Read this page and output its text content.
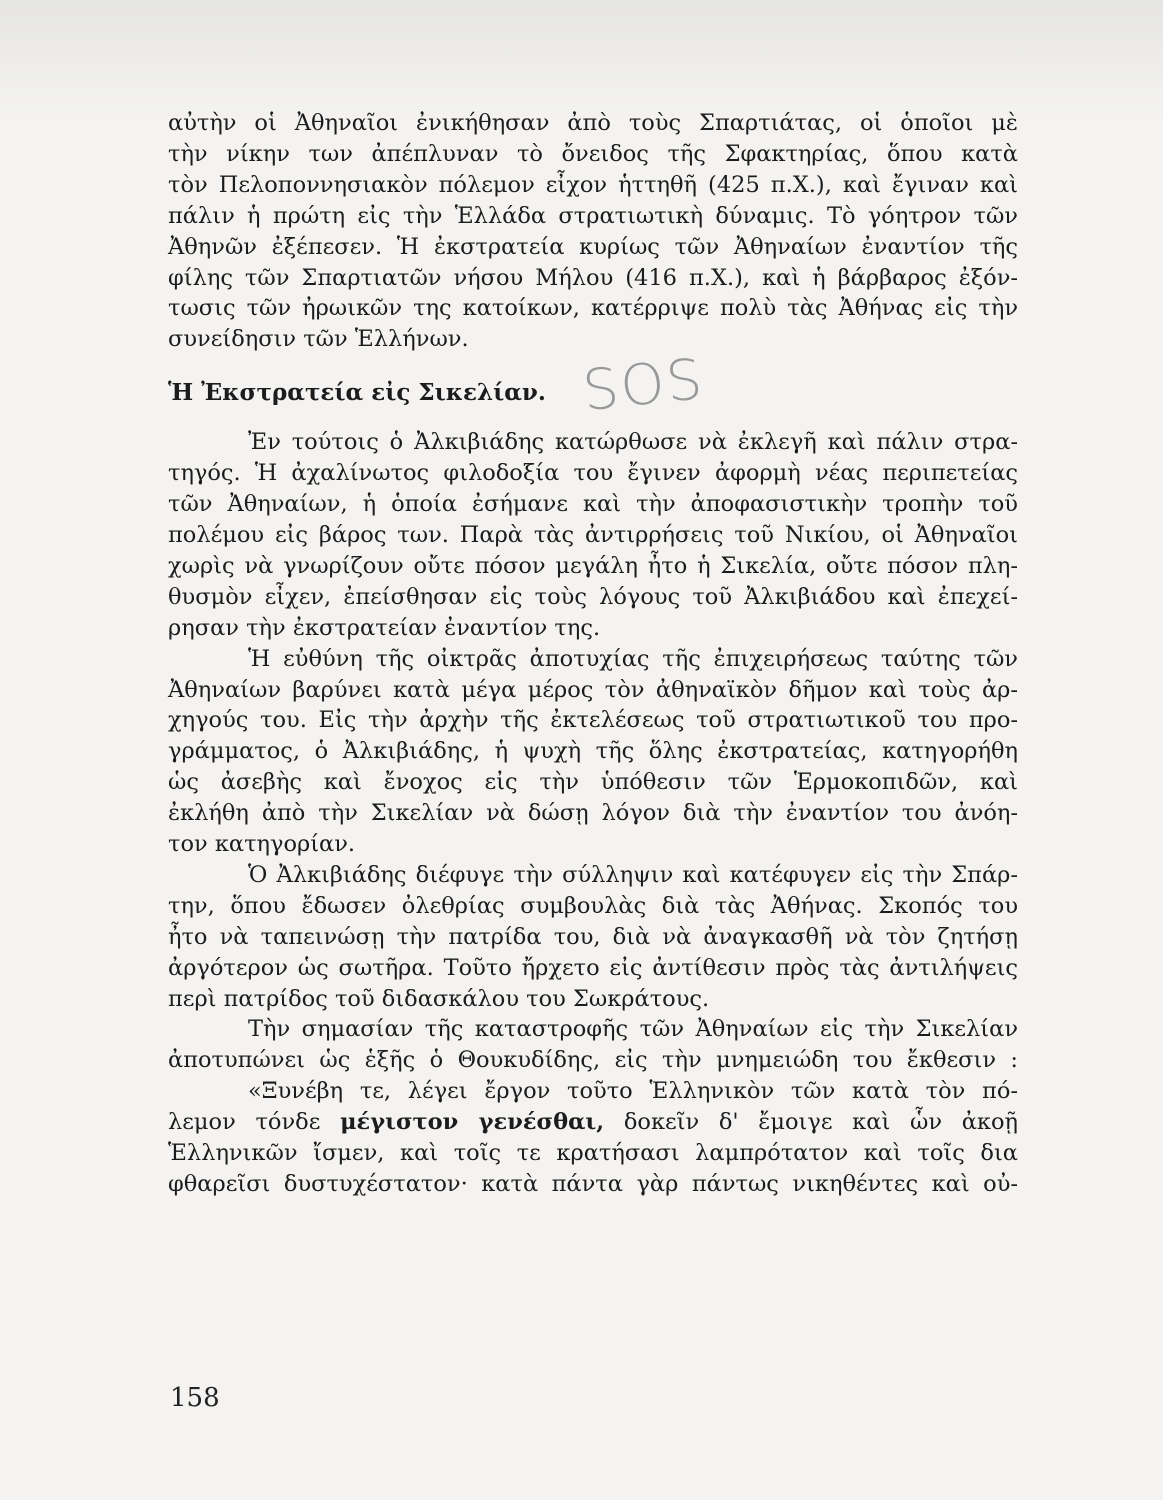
αὐτὴν οἱ Ἀθηναῖοι ἐνικήθησαν ἀπὸ τοὺς Σπαρτιάτας, οἱ ὁποῖοι μὲ
τὴν νίκην των ἀπέπλυναν τὸ ὄνειδος τῆς Σφακτηρίας, ὅπου κατὰ
τὸν Πελοποννησιακὸν πόλεμον εἶχον ἡττηθῆ (425 π.Χ.), καὶ ἔγιναν καὶ
πάλιν ἡ πρώτη εἰς τὴν Ἑλλάδα στρατιωτικὴ δύναμις. Τὸ γόητρον τῶν
Ἀθηνῶν ἐξέπεσεν. Ἡ ἐκστρατεία κυρίως τῶν Ἀθηναίων ἐναντίον τῆς
φίλης τῶν Σπαρτιατῶν νήσου Μήλου (416 π.Χ.), καὶ ἡ βάρβαρος ἐξόν-
τωσις τῶν ἠρωικῶν της κατοίκων, κατέρριψε πολὺ τὰς Ἀθήνας εἰς τὴν
συνείδησιν τῶν Ἑλλήνων.
Ἡ Ἐκστρατεία εἰς Σικελίαν. SOS
Ἐν τούτοις ὁ Ἀλκιβιάδης κατώρθωσε νὰ ἐκλεγῆ καὶ πάλιν στρα-
τηγός. Ἡ ἀχαλίνωτος φιλοδοξία του ἔγινεν ἀφορμὴ νέας περιπετείας
τῶν Ἀθηναίων, ἡ ὁποία ἐσήμανε καὶ τὴν ἀποφασιστικὴν τροπὴν τοῦ
πολέμου εἰς βάρος των. Παρὰ τὰς ἀντιρρήσεις τοῦ Νικίου, οἱ Ἀθηναῖοι
χωρὶς νὰ γνωρίζουν οὔτε πόσον μεγάλη ἦτο ἡ Σικελία, οὔτε πόσον πλη-
θυσμὸν εἶχεν, ἐπείσθησαν εἰς τοὺς λόγους τοῦ Ἀλκιβιάδου καὶ ἐπεχεί-
ρησαν τὴν ἐκστρατείαν ἐναντίον της.
Ἡ εὐθύνη τῆς οἰκτρᾶς ἀποτυχίας τῆς ἐπιχειρήσεως ταύτης τῶν
Ἀθηναίων βαρύνει κατὰ μέγα μέρος τὸν ἀθηναϊκὸν δῆμον καὶ τοὺς ἀρ-
χηγούς του. Εἰς τὴν ἀρχὴν τῆς ἐκτελέσεως τοῦ στρατιωτικοῦ του προ-
γράμματος, ὁ Ἀλκιβιάδης, ἡ ψυχὴ τῆς ὅλης ἐκστρατείας, κατηγορήθη
ὡς ἀσεβὴς καὶ ἔνοχος εἰς τὴν ὑπόθεσιν τῶν Ἑρμοκοπιδῶν, καὶ
ἐκλήθη ἀπὸ τὴν Σικελίαν νὰ δώσῃ λόγον διὰ τὴν ἐναντίον του ἀνόη-
τον κατηγορίαν.
Ὁ Ἀλκιβιάδης διέφυγε τὴν σύλληψιν καὶ κατέφυγεν εἰς τὴν Σπάρ-
την, ὅπου ἔδωσεν ὀλεθρίας συμβουλὰς διὰ τὰς Ἀθήνας. Σκοπός του
ἦτο νὰ ταπεινώσῃ τὴν πατρίδα του, διὰ νὰ ἀναγκασθῆ νὰ τὸν ζητήσῃ
ἀργότερον ὡς σωτῆρα. Τοῦτο ἤρχετο εἰς ἀντίθεσιν πρὸς τὰς ἀντιλήψεις
περὶ πατρίδος τοῦ διδασκάλου του Σωκράτους.
Τὴν σημασίαν τῆς καταστροφῆς τῶν Ἀθηναίων εἰς τὴν Σικελίαν
ἀποτυπώνει ὡς ἑξῆς ὁ Θουκυδίδης, εἰς τὴν μνημειώδη του ἔκθεσιν :
«Ξυνέβη τε, λέγει ἔργον τοῦτο Ἑλληνικὸν τῶν κατὰ τὸν πό-
λεμον τόνδε μέγιστον γενέσθαι, δοκεῖν δ' ἔμοιγε καὶ ὧν ἀκοῇ
Ἑλληνικῶν ἴσμεν, καὶ τοῖς τε κρατήσασι λαμπρότατον καὶ τοῖς δια
φθαρεῖσι δυστυχέστατον· κατὰ πάντα γὰρ πάντως νικηθέντες καὶ οὐ-
158
